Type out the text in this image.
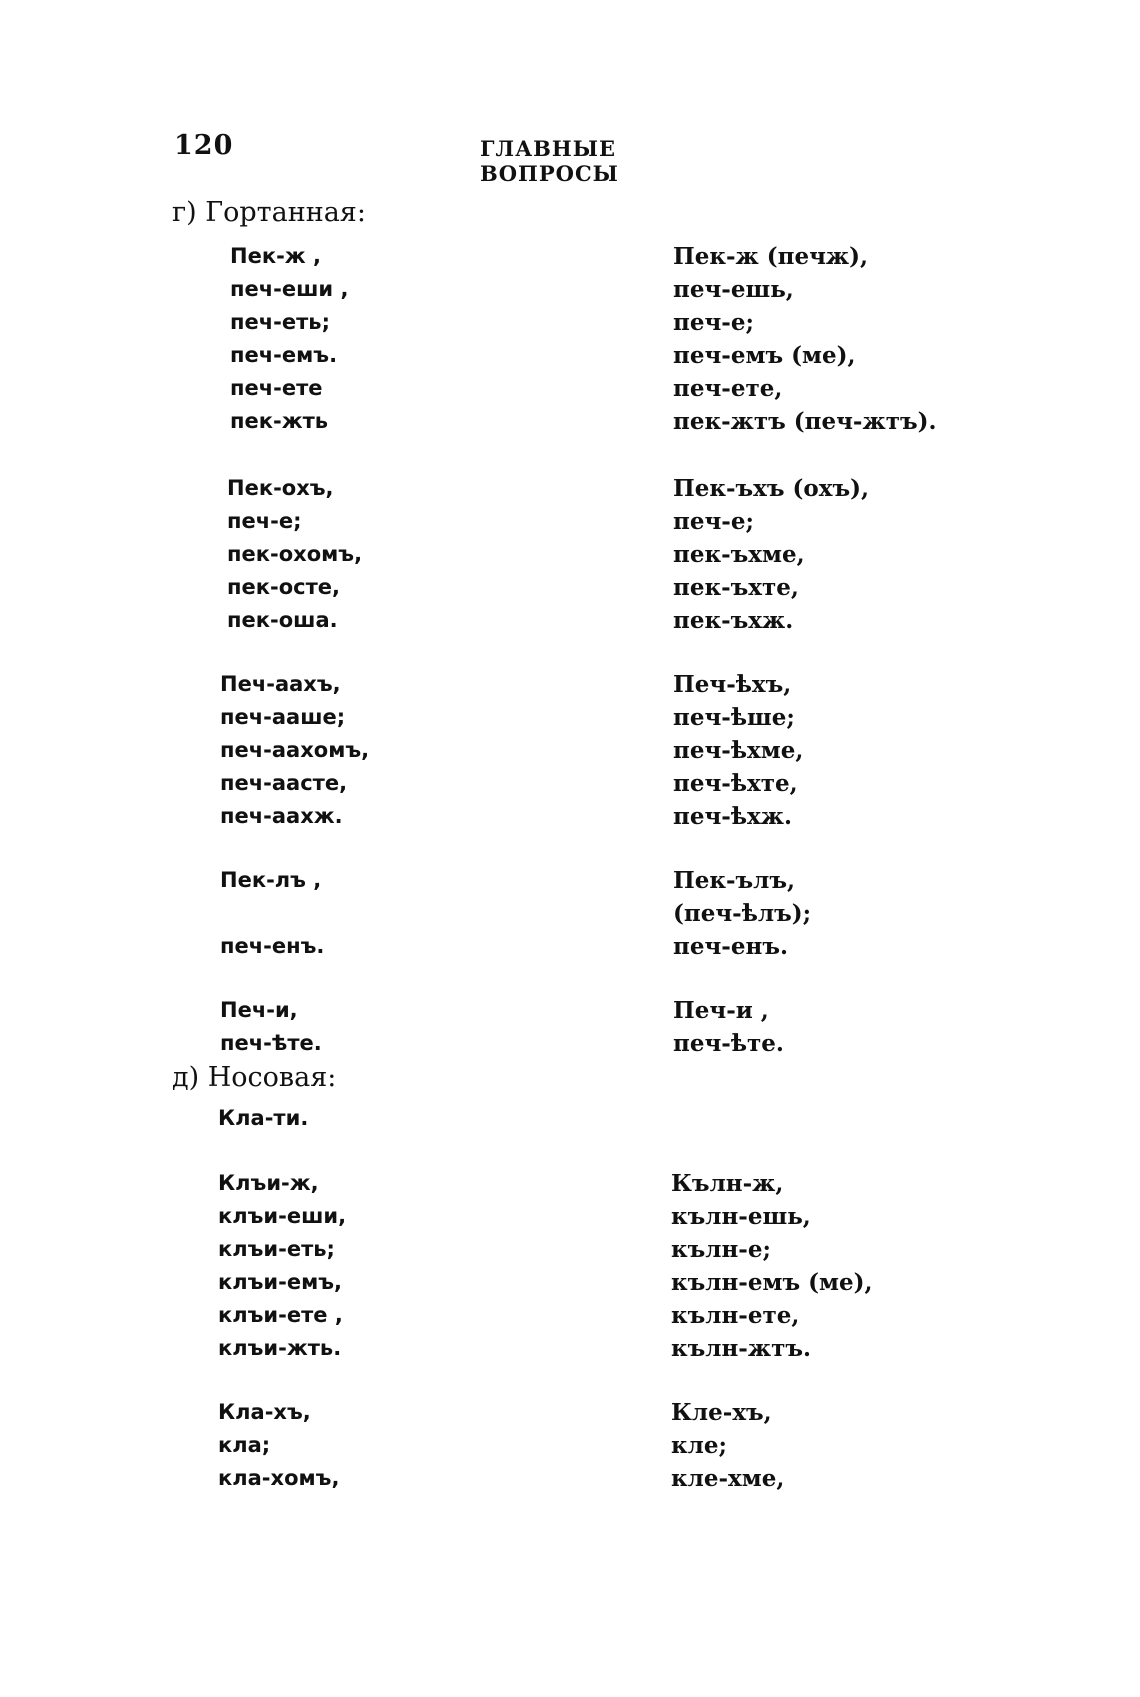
120	ГЛАВНЫЕ ВОПРОСЫ
г) Гортанная:
д) Носовая:
Пек-ж ,
печ-еши ,
печ-еть;
печ-емъ.
печ-ете
пек-жть
Пек-ж (печж),
печ-ешь,
печ-е;
печ-емъ (ме),
печ-ете,
пек-жтъ (печ-жтъ).
Пек-охъ,
печ-е;
пек-охомъ,
пек-осте,
пек-оша.
Пек-ъхъ (охъ),
печ-е;
пек-ъхме,
пек-ъхте,
пек-ъхж.
Печ-аахъ,
печ-ааше;
печ-аахомъ,
печ-аасте,
печ-аахж.
Печ-ѣхъ,
печ-ѣше;
печ-ѣхме,
печ-ѣхте,
печ-ѣхж.
Пек-лъ ,
печ-енъ.
Пек-ълъ,
(печ-ѣлъ);
печ-енъ.
Печ-и,
печ-ѣте.
Печ-и ,
печ-ѣте.
Кла-ти.
Клъи-ж,
клъи-еши,
клъи-еть;
клъи-емъ,
клъи-ете ,
клъи-жть.
Кълн-ж,
кълн-ешь,
кълн-е;
кълн-емъ (ме),
кълн-ете,
кълн-жтъ.
Кла-хъ,
кла;
кла-хомъ,
Кле-хъ,
кле;
кле-хме,
